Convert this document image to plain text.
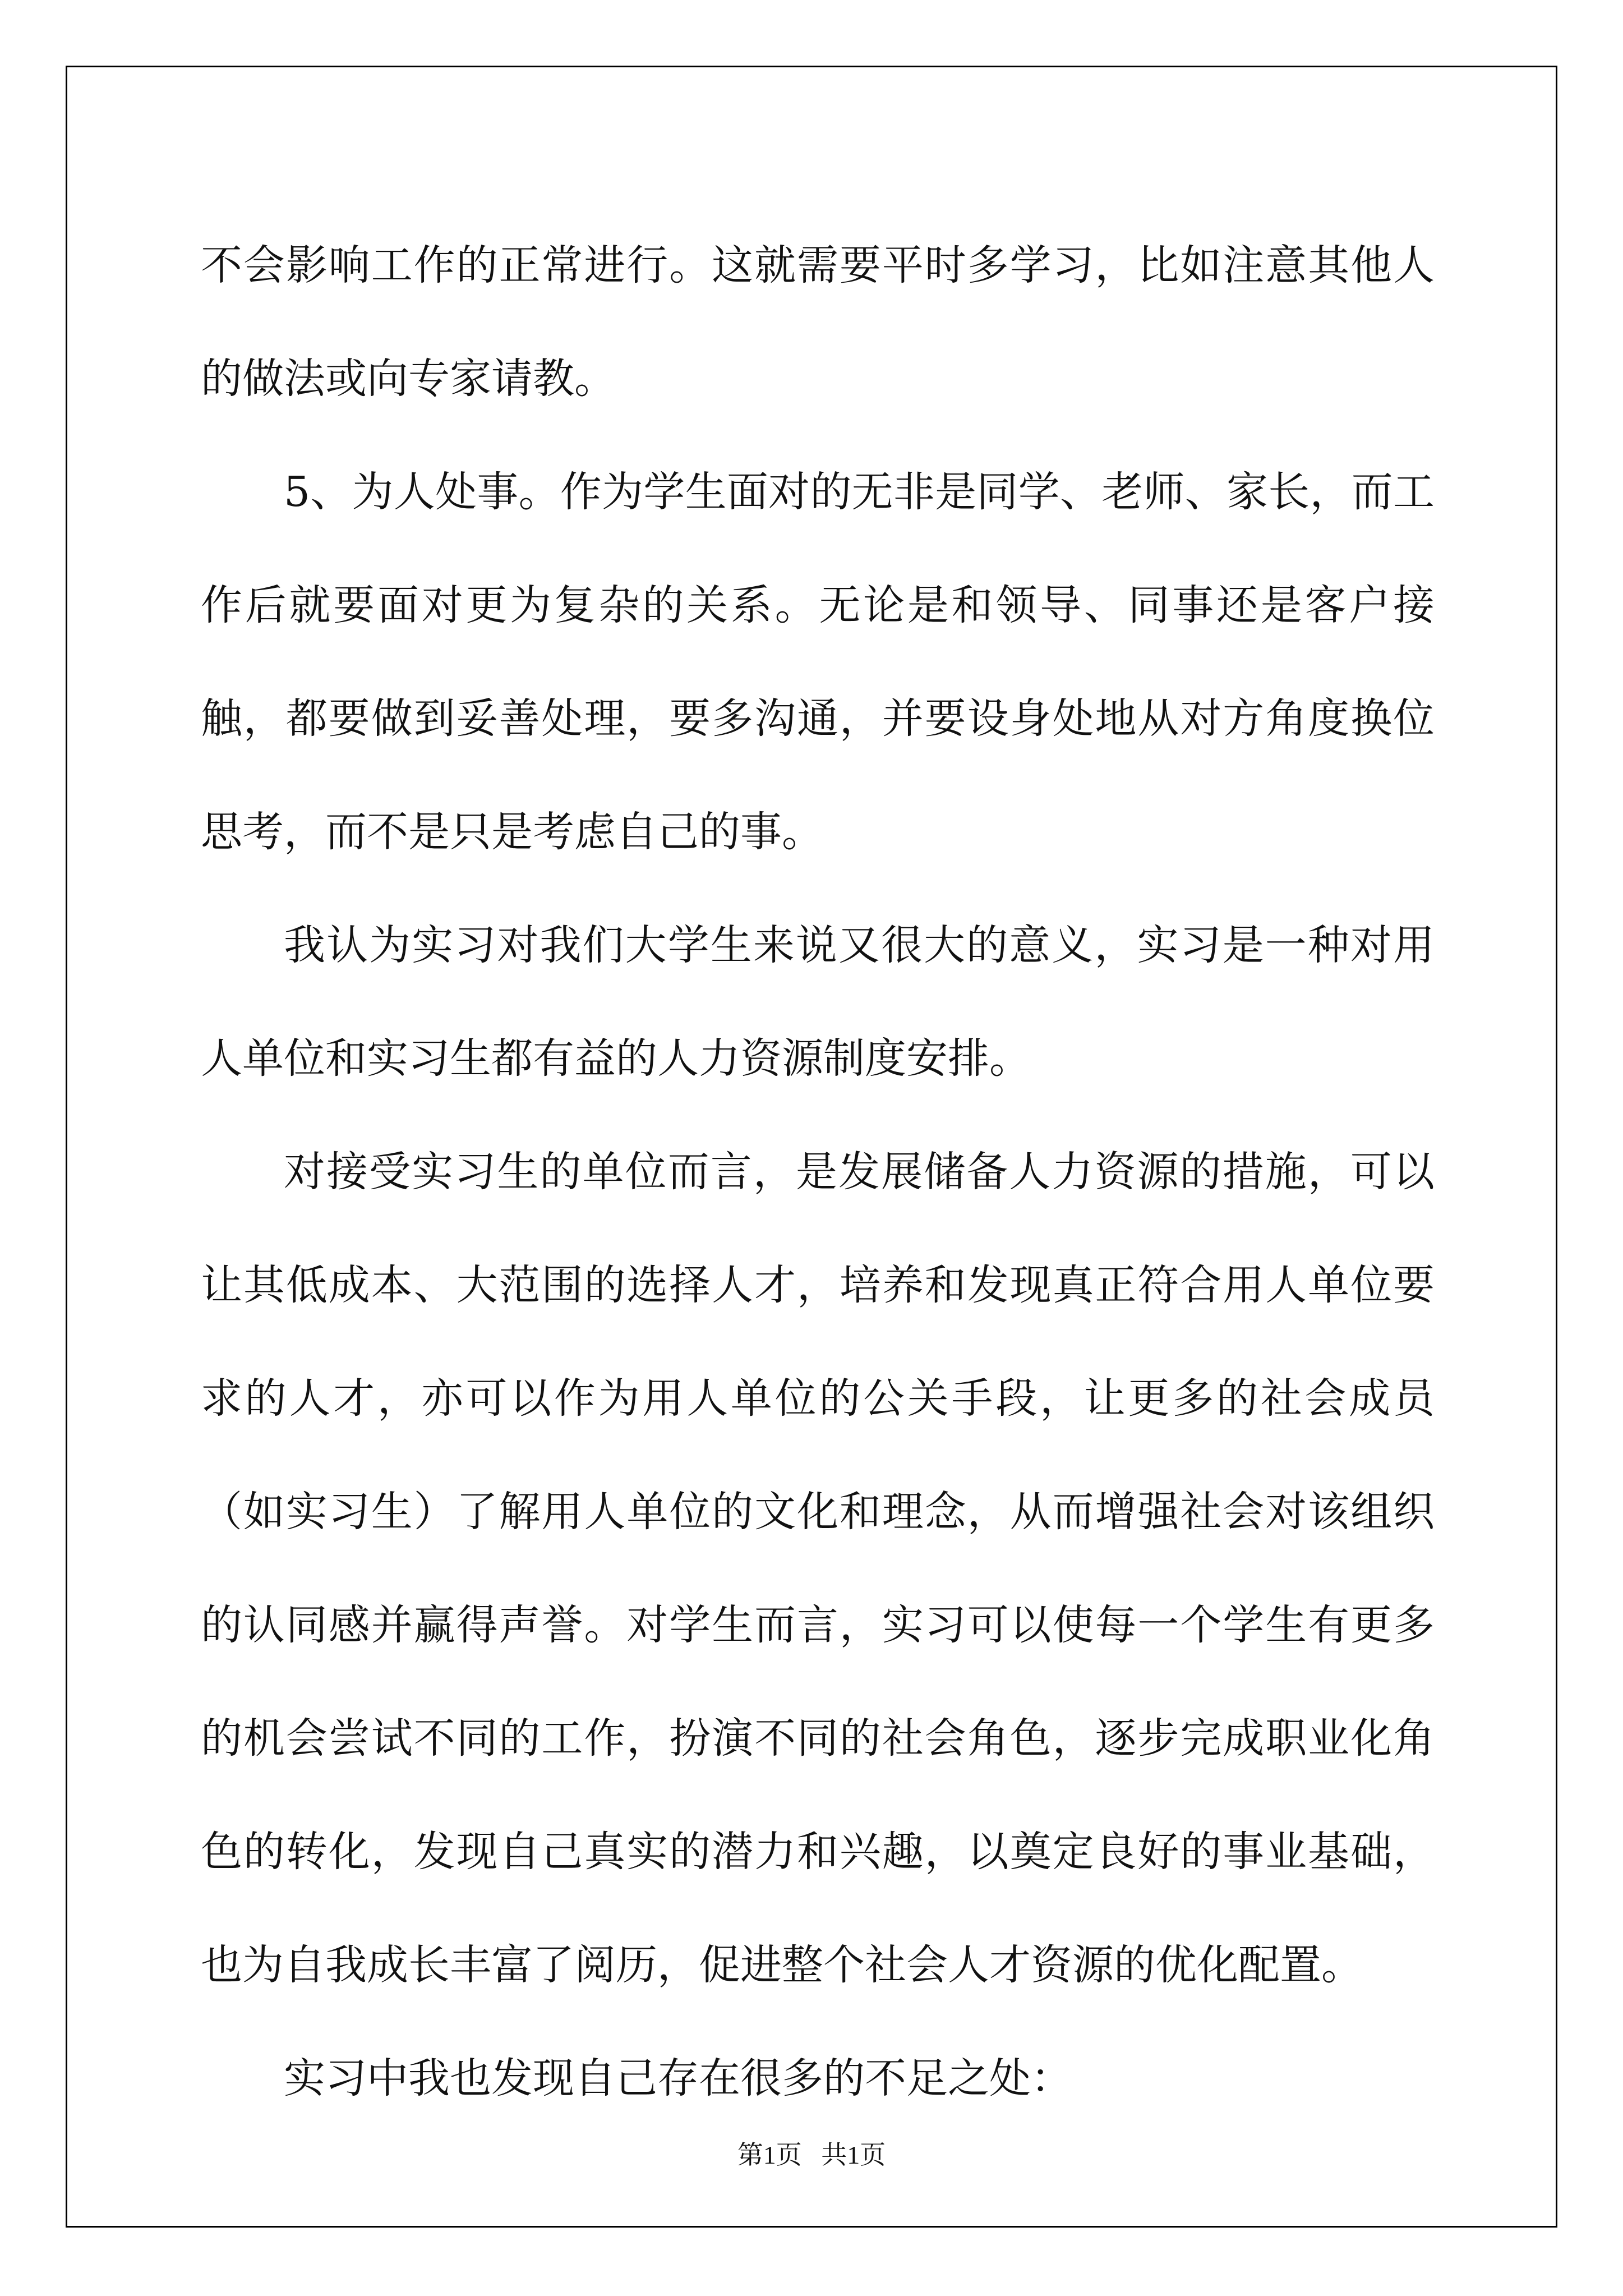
不会影响工作的正常进行。这就需要平时多学习，比如注意其他人的做法或向专家请教。

5、为人处事。作为学生面对的无非是同学、老师、家长，而工作后就要面对更为复杂的关系。无论是和领导、同事还是客户接触，都要做到妥善处理，要多沟通，并要设身处地从对方角度换位思考，而不是只是考虑自己的事。

我认为实习对我们大学生来说又很大的意义，实习是一种对用人单位和实习生都有益的人力资源制度安排。

对接受实习生的单位而言，是发展储备人力资源的措施，可以让其低成本、大范围的选择人才，培养和发现真正符合用人单位要求的人才，亦可以作为用人单位的公关手段，让更多的社会成员（如实习生）了解用人单位的文化和理念，从而增强社会对该组织的认同感并赢得声誉。对学生而言，实习可以使每一个学生有更多的机会尝试不同的工作，扮演不同的社会角色，逐步完成职业化角色的转化，发现自己真实的潜力和兴趣，以奠定良好的事业基础，也为自我成长丰富了阅历，促进整个社会人才资源的优化配置。

实习中我也发现自己存在很多的不足之处：

第1页 共1页
